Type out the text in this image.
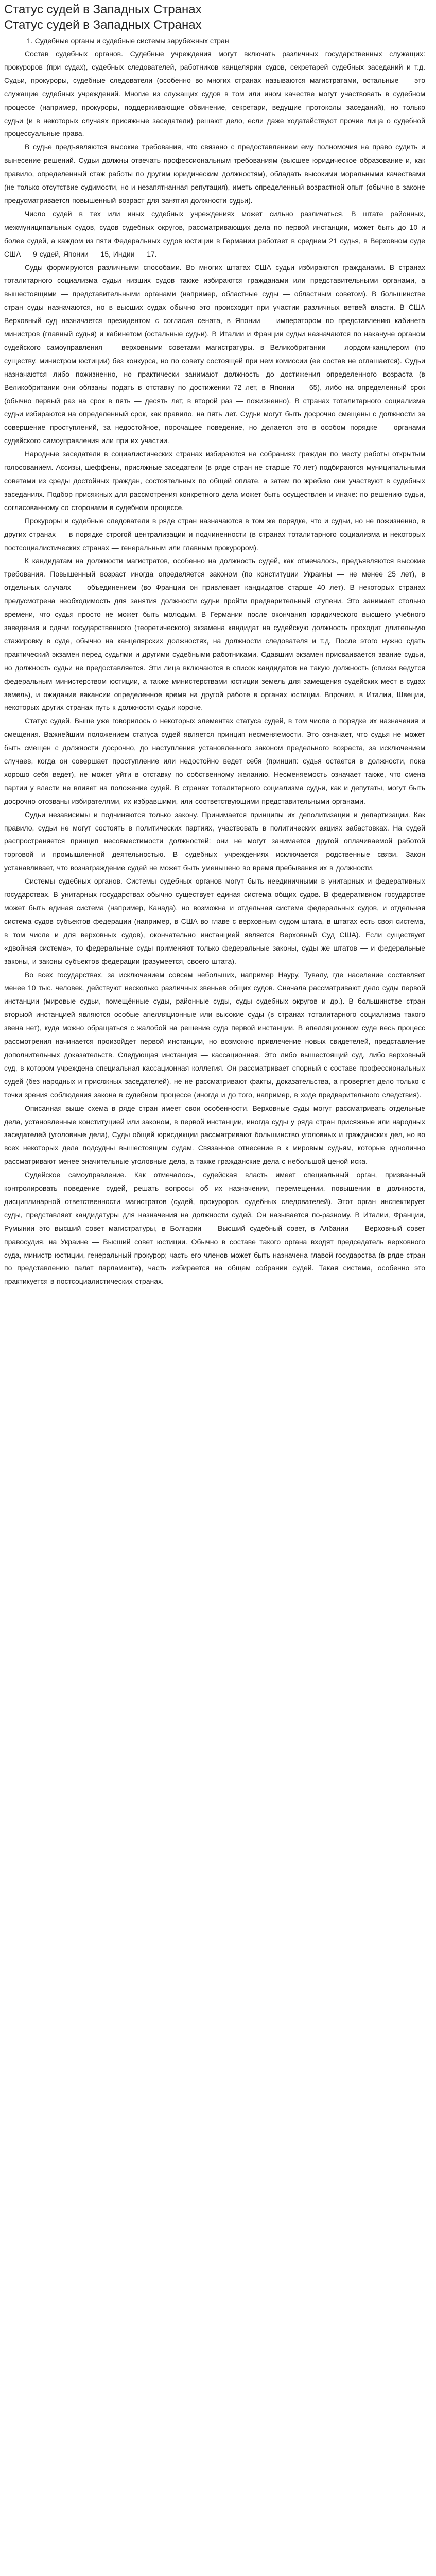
Статус судей в Западных Странах
Статус судей в Западных Странах
1. Судебные органы и судебные системы зарубежных стран

Состав судебных органов. Судебные учреждения могут включать различных государственных служащих: прокуроров (при судах), судебных следователей, работников канцелярии судов, секретарей судебных заседаний и т.д. Судьи, прокуроры, судебные следователи (особенно во многих странах называются магистратами, остальные — это служащие судебных учреждений. Многие из служащих судов в том или ином качестве могут участвовать в судебном процессе (например, прокуроры, поддерживающие обвинение, секретари, ведущие протоколы заседаний), но только судьи (и в некоторых случаях присяжные заседатели) решают дело, если даже ходатайствуют прочие лица о судебной процессуальные права.

В судье предъявляются высокие требования, что связано с предоставлением ему полномочия на право судить и вынесение решений. Судьи должны отвечать профессиональным требованиям (высшее юридическое образование и, как правило, определенный стаж работы по другим юридическим должностям), обладать высокими моральными качествами (не только отсутствие судимости, но и незапятнанная репутация), иметь определенный возрастной опыт (обычно в законе предусматривается повышенный возраст для занятия должности судьи).

Число судей в тех или иных судебных учреждениях может сильно различаться. В штате районных, межмуниципальных судов, судов судебных округов, рассматривающих дела по первой инстанции, может быть до 10 и более судей, а каждом из пяти Федеральных судов юстиции в Германии работает в среднем 21 судья, в Верховном суде США — 9 судей, Японии — 15, Индии — 17.

Суды формируются различными способами. Во многих штатах США судьи избираются гражданами. В странах тоталитарного социализма судьи низших судов также избираются гражданами или представительными органами, а вышестоящими — представительными органами (например, областные суды — областным советом). В большинстве стран суды назначаются, но в высших судах обычно это происходит при участии различных ветвей власти. В США Верховный суд назначается президентом с согласия сената, в Японии — императором по представлению кабинета министров (главный судья) и кабинетом (остальные судьи). В Италии и Франции судьи назначаются по накануне органом судейского самоуправления — верховными советами магистратуры. в Великобритании — лордом-канцлером (по существу, министром юстиции) без конкурса, но по совету состоящей при нем комиссии (ее состав не оглашается). Судьи назначаются либо пожизненно, но практически занимают должность до достижения определенного возраста (в Великобритании они обязаны подать в отставку по достижении 72 лет, в Японии — 65), либо на определенный срок (обычно первый раз на срок в пять — десять лет, в второй раз — пожизненно). В странах тоталитарного социализма судьи избираются на определенный срок, как правило, на пять лет. Судьи могут быть досрочно смещены с должности за совершение проступлений, за недостойное, порочащее поведение, но делается это в особом порядке — органами судейского самоуправления или при их участии.

Народные заседатели в социалистических странах избираются на собраниях граждан по месту работы открытым голосованием. Ассизы, шеффены, присяжные заседатели (в ряде стран не старше 70 лет) подбираются муниципальными советами из среды достойных граждан, состоятельных по общей оплате, а затем по жребию они участвуют в судебных заседаниях. Подбор присяжных для рассмотрения конкретного дела может быть осуществлен и иначе: по решению судьи, согласованному со сторонами в судебном процессе.

Прокуроры и судебные следователи в ряде стран назначаются в том же порядке, что и судьи, но не пожизненно, в других странах — в порядке строгой централизации и подчиненности (в странах тоталитарного социализма и некоторых постсоциалистических странах — генеральным или главным прокурором).

К кандидатам на должности магистратов, особенно на должность судей, как отмечалось, предъявляются высокие требования. Повышенный возраст иногда определяется законом (по конституции Украины — не менее 25 лет), в отдельных случаях — объединением (во Франции он привлекает кандидатов старше 40 лет). В некоторых странах предусмотрена необходимость для занятия должности судьи пройти предварительный ступени. Это занимает стольно времени, что судья просто не может быть молодым. В Германии после окончания юридического высшего учебного заведения и сдачи государственного (теоретического) экзамена кандидат на судейскую должность проходит длительную стажировку в суде, обычно на канцелярских должностях, на должности следователя и т.д. После этого нужно сдать практический экзамен перед судьями и другими судебными работниками. Сдавшим экзамен присваивается звание судьи, но должность судьи не предоставляется. Эти лица включаются в список кандидатов на такую должность (списки ведутся федеральным министерством юстиции, а также министерствами юстиции земель для замещения судейских мест в судах земель), и ожидание вакансии определенное время на другой работе в органах юстиции. Впрочем, в Италии, Швеции, некоторых других странах путь к должности судьи короче.

Статус судей. Выше уже говорилось о некоторых элементах статуса судей, в том числе о порядке их назначения и смещения. Важнейшим положением статуса судей является принцип несменяемости. Это означает, что судья не может быть смещен с должности досрочно, до наступления установленного законом предельного возраста, за исключением случаев, когда он совершает проступление или недостойно ведет себя (принцип: судья остается в должности, пока хорошо себя ведет), не может уйти в отставку по собственному желанию. Несменяемость означает также, что смена партии у власти не влияет на положение судей. В странах тоталитарного социализма судьи, как и депутаты, могут быть досрочно отозваны избирателями, их избравшими, или соответствующими представительными органами.

Судьи независимы и подчиняются только закону. Принимается принципы их деполитизации и департизации. Как правило, судьи не могут состоять в политических партиях, участвовать в политических акциях забастовках. На судей распространяется принцип несовместимости должностей: они не могут занимается другой оплачиваемой работой торговой и промышленной деятельностью. В судебных учреждениях исключается родственные связи. Закон устанавливает, что вознаграждение судей не может быть уменьшено во время пребывания их в должности.

Системы судебных органов. Системы судебных органов могут быть неединичными в унитарных и федеративных государствах. В унитарных государствах обычно существует единая система общих судов. В федеративном государстве может быть единая система (например, Канада), но возможна и отдельная система федеральных судов, и отдельная система судов субъектов федерации (например, в США во главе с верховным судом штата, в штатах есть своя система, в том числе и для верховных судов), окончательно инстанцией является Верховный Суд США). Если существует «двойная система», то федеральные суды применяют только федеральные законы, суды же штатов — и федеральные законы, и законы субъектов федерации (разумеется, своего штата).

Во всех государствах, за исключением совсем небольших, например Науру, Тувалу, где население составляет менее 10 тыс. человек, действуют несколько различных звеньев общих судов. Сначала рассматривают дело суды первой инстанции (мировые судьи, помещённые суды, районные суды, суды судебных округов и др.). В большинстве стран вторыой инстанцией являются особые апелляционные или высокие суды (в странах тоталитарного социализма такого звена нет), куда можно обращаться с жалобой на решение суда первой инстанции. В апелляционном суде весь процесс рассмотрения начинается произойдет первой инстанции, но возможно привлечение новых свидетелей, представление дополнительных доказательств. Следующая инстанция — кассационная. Это либо вышестоящий суд, либо верховный суд, в котором учреждена специальная кассационная коллегия. Он рассматривает спорный с составе профессиональных судей (без народных и присяжных заседателей), не не рассматривают факты, доказательства, а проверяет дело только с точки зрения соблюдения закона в судебном процессе (иногда и до того, например, в ходе предварительного следствия).

Описанная выше схема в ряде стран имеет свои особенности. Верховные суды могут рассматривать отдельные дела, установленные конституцией или законом, в первой инстанции, иногда суды у ряда стран присяжные или народных заседателей (уголовные дела), Суды общей юрисдикции рассматривают большинство уголовных и гражданских дел, но во всех некоторых дела подсудны вышестоящим судам. Связанное отнесение в к мировым судьям, которые однолично рассматривают менее значительные уголовные дела, а также гражданские дела с небольшой ценой иска.

Судейское самоуправление. Как отмечалось, судейская власть имеет специальный орган, призванный контролировать поведение судей, решать вопросы об их назначении, перемещении, повышении в должности, дисциплинарной ответственности магистратов (судей, прокуроров, судебных следователей). Этот орган инспектирует суды, представляет кандидатуры для назначения на должности судей. Он называется по-разному. В Италии, Франции, Румынии это высший совет магистратуры, в Болгарии — Высший судебный совет, в Албании — Верховный совет правосудия, на Украине — Высший совет юстиции. Обычно в составе такого органа входят председатель верховного суда, министр юстиции, генеральный прокурор; часть его членов может быть назначена главой государства (в ряде стран по представлению палат парламента), часть избирается на общем собрании судей. Такая система, особенно это практикуется в постсоциалистических странах.
